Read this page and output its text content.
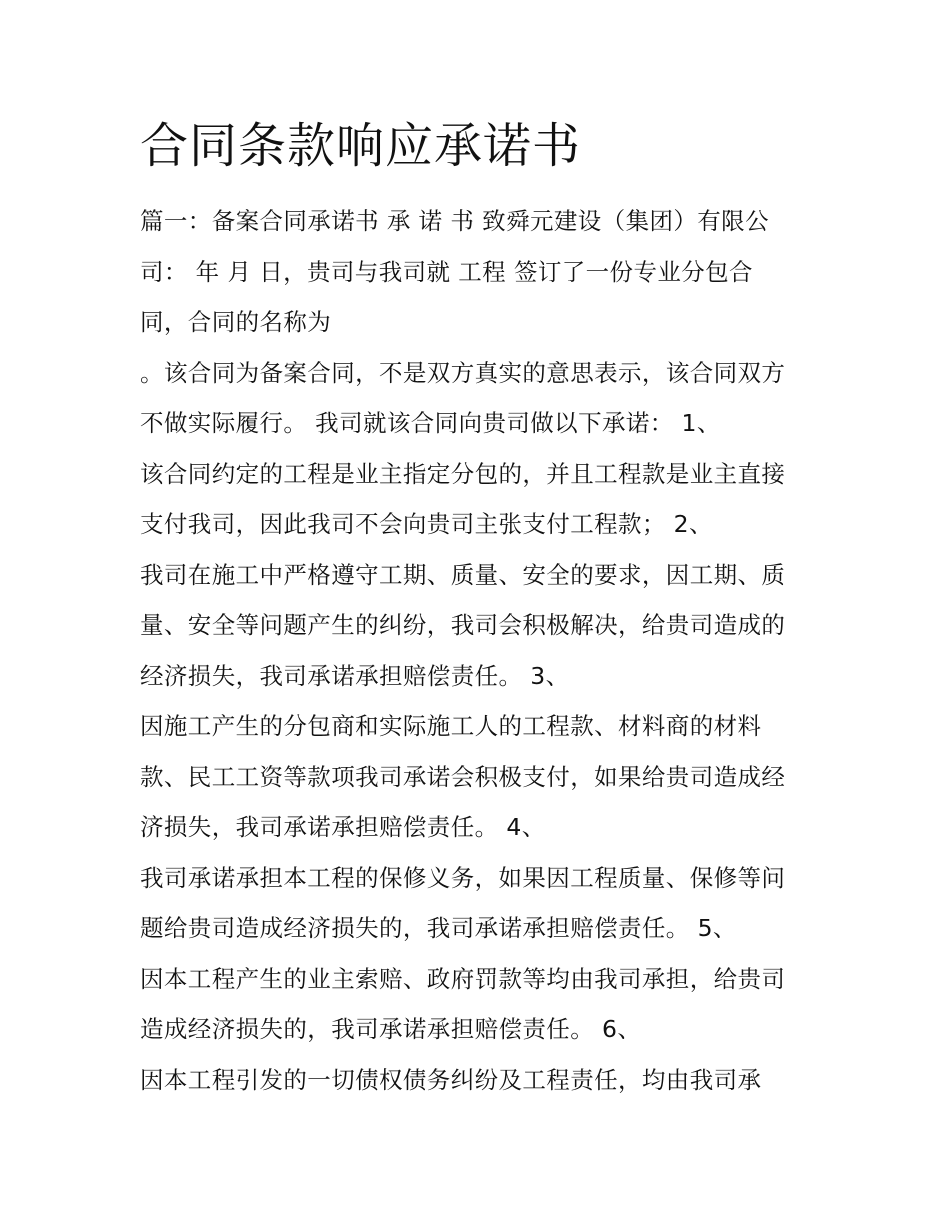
合同条款响应承诺书
篇一：备案合同承诺书 承 诺 书 致舜元建设（集团）有限公
司： 年 月 日，贵司与我司就 工程 签订了一份专业分包合
同，合同的名称为
。该合同为备案合同，不是双方真实的意思表示，该合同双方
不做实际履行。 我司就该合同向贵司做以下承诺： 1、
该合同约定的工程是业主指定分包的，并且工程款是业主直接
支付我司，因此我司不会向贵司主张支付工程款； 2、
我司在施工中严格遵守工期、质量、安全的要求，因工期、质
量、安全等问题产生的纠纷，我司会积极解决，给贵司造成的
经济损失，我司承诺承担赔偿责任。 3、
因施工产生的分包商和实际施工人的工程款、材料商的材料
款、民工工资等款项我司承诺会积极支付，如果给贵司造成经
济损失，我司承诺承担赔偿责任。 4、
我司承诺承担本工程的保修义务，如果因工程质量、保修等问
题给贵司造成经济损失的，我司承诺承担赔偿责任。 5、
因本工程产生的业主索赔、政府罚款等均由我司承担，给贵司
造成经济损失的，我司承诺承担赔偿责任。 6、
因本工程引发的一切债权债务纠纷及工程责任，均由我司承
